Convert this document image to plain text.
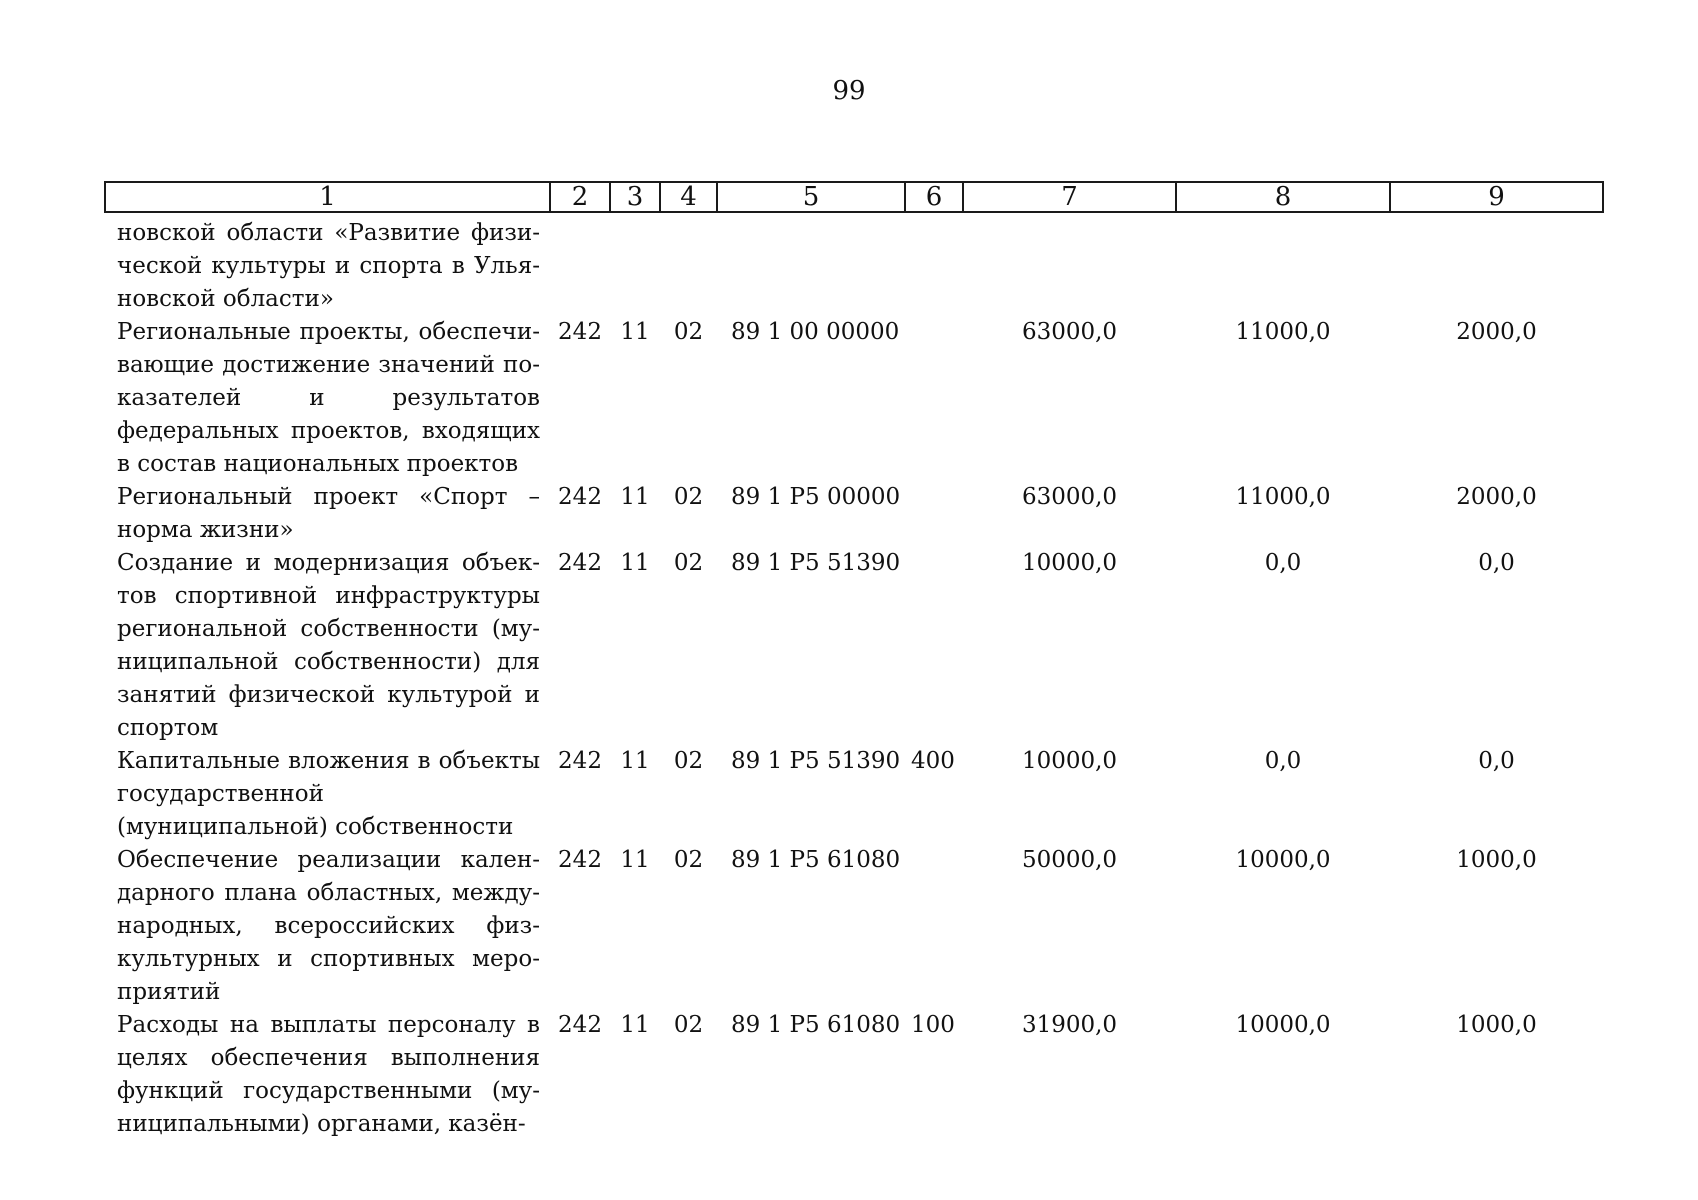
99
1	2	3	4	5	6	7	8	9
новской области «Развитие физической культуры и спорта в Ульяновской области»								
Региональные проекты, обеспечивающие достижение значений показателей и результатов федеральных проектов, входящих в состав национальных проектов	242	11	02	89 1 00 00000		63000,0	11000,0	2000,0
Региональный проект «Спорт – норма жизни»	242	11	02	89 1 P5 00000		63000,0	11000,0	2000,0
Создание и модернизация объектов спортивной инфраструктуры региональной собственности (муниципальной собственности) для занятий физической культурой и спортом	242	11	02	89 1 P5 51390		10000,0	0,0	0,0
Капитальные вложения в объекты государственной (муниципальной) собственности	242	11	02	89 1 P5 51390	400	10000,0	0,0	0,0
Обеспечение реализации календарного плана областных, международных, всероссийских физкультурных и спортивных мероприятий	242	11	02	89 1 P5 61080		50000,0	10000,0	1000,0
Расходы на выплаты персоналу в целях обеспечения выполнения функций государственными (муниципальными) органами, казён-	242	11	02	89 1 P5 61080	100	31900,0	10000,0	1000,0
